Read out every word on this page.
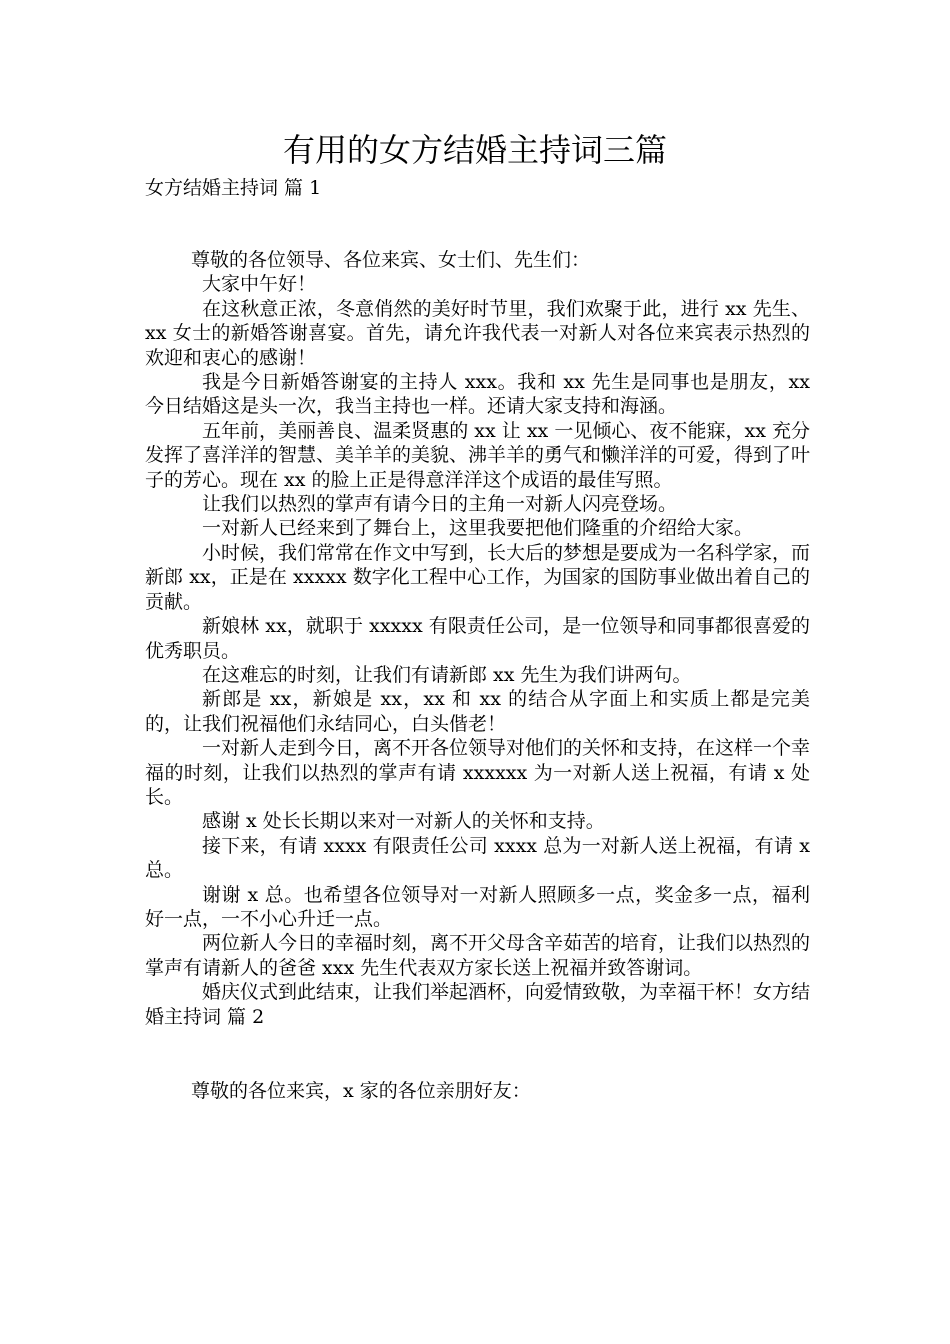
有用的女方结婚主持词三篇
女方结婚主持词 篇 1

尊敬的各位领导、各位来宾、女士们、先生们：

大家中午好！

在这秋意正浓，冬意俏然的美好时节里，我们欢聚于此，进行 xx 先生、xx 女士的新婚答谢喜宴。首先，请允许我代表一对新人对各位来宾表示热烈的欢迎和衷心的感谢！

我是今日新婚答谢宴的主持人 xxx。我和 xx 先生是同事也是朋友，xx 今日结婚这是头一次，我当主持也一样。还请大家支持和海涵。

五年前，美丽善良、温柔贤惠的 xx 让 xx 一见倾心、夜不能寐，xx 充分发挥了喜洋洋的智慧、美羊羊的美貌、沸羊羊的勇气和懒洋洋的可爱，得到了叶子的芳心。现在 xx 的脸上正是得意洋洋这个成语的最佳写照。

让我们以热烈的掌声有请今日的主角一对新人闪亮登场。

一对新人已经来到了舞台上，这里我要把他们隆重的介绍给大家。

小时候，我们常常在作文中写到，长大后的梦想是要成为一名科学家，而新郎 xx，正是在 xxxxx 数字化工程中心工作，为国家的国防事业做出着自己的贡献。

新娘林 xx，就职于 xxxxx 有限责任公司，是一位领导和同事都很喜爱的优秀职员。

在这难忘的时刻，让我们有请新郎 xx 先生为我们讲两句。

新郎是 xx，新娘是 xx，xx 和 xx 的结合从字面上和实质上都是完美的，让我们祝福他们永结同心，白头偕老！

一对新人走到今日，离不开各位领导对他们的关怀和支持，在这样一个幸福的时刻，让我们以热烈的掌声有请 xxxxxx 为一对新人送上祝福，有请 x 处长。

感谢 x 处长长期以来对一对新人的关怀和支持。

接下来，有请 xxxx 有限责任公司 xxxx 总为一对新人送上祝福，有请 x 总。

谢谢 x 总。也希望各位领导对一对新人照顾多一点，奖金多一点，福利好一点，一不小心升迁一点。

两位新人今日的幸福时刻，离不开父母含辛茹苦的培育，让我们以热烈的掌声有请新人的爸爸 xxx 先生代表双方家长送上祝福并致答谢词。

婚庆仪式到此结束，让我们举起酒杯，向爱情致敬，为幸福干杯！女方结婚主持词 篇 2

尊敬的各位来宾，x 家的各位亲朋好友：
